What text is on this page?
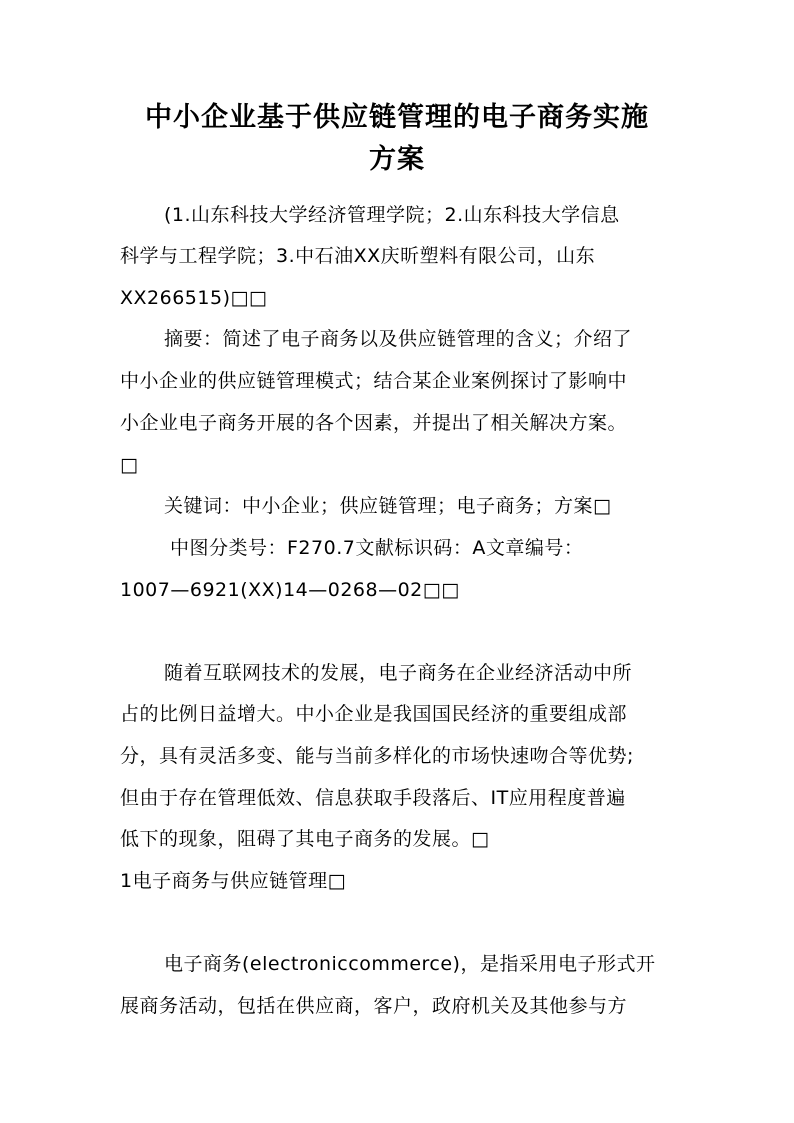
中小企业基于供应链管理的电子商务实施
方案

(1.山东科技大学经济管理学院；2.山东科技大学信息

科学与工程学院；3.中石油XX庆昕塑料有限公司，山东

XX266515)□□

摘要：简述了电子商务以及供应链管理的含义；介绍了

中小企业的供应链管理模式；结合某企业案例探讨了影响中

小企业电子商务开展的各个因素，并提出了相关解决方案。

□

关键词：中小企业；供应链管理；电子商务；方案□

中图分类号：F270.7文献标识码：A文章编号：

1007—6921(XX)14—0268—02□□

随着互联网技术的发展，电子商务在企业经济活动中所

占的比例日益增大。中小企业是我国国民经济的重要组成部

分，具有灵活多变、能与当前多样化的市场快速吻合等优势;

但由于存在管理低效、信息获取手段落后、IT应用程度普遍

低下的现象，阻碍了其电子商务的发展。□

1电子商务与供应链管理□

电子商务(electroniccommerce)，是指采用电子形式开

展商务活动，包括在供应商，客户，政府机关及其他参与方
